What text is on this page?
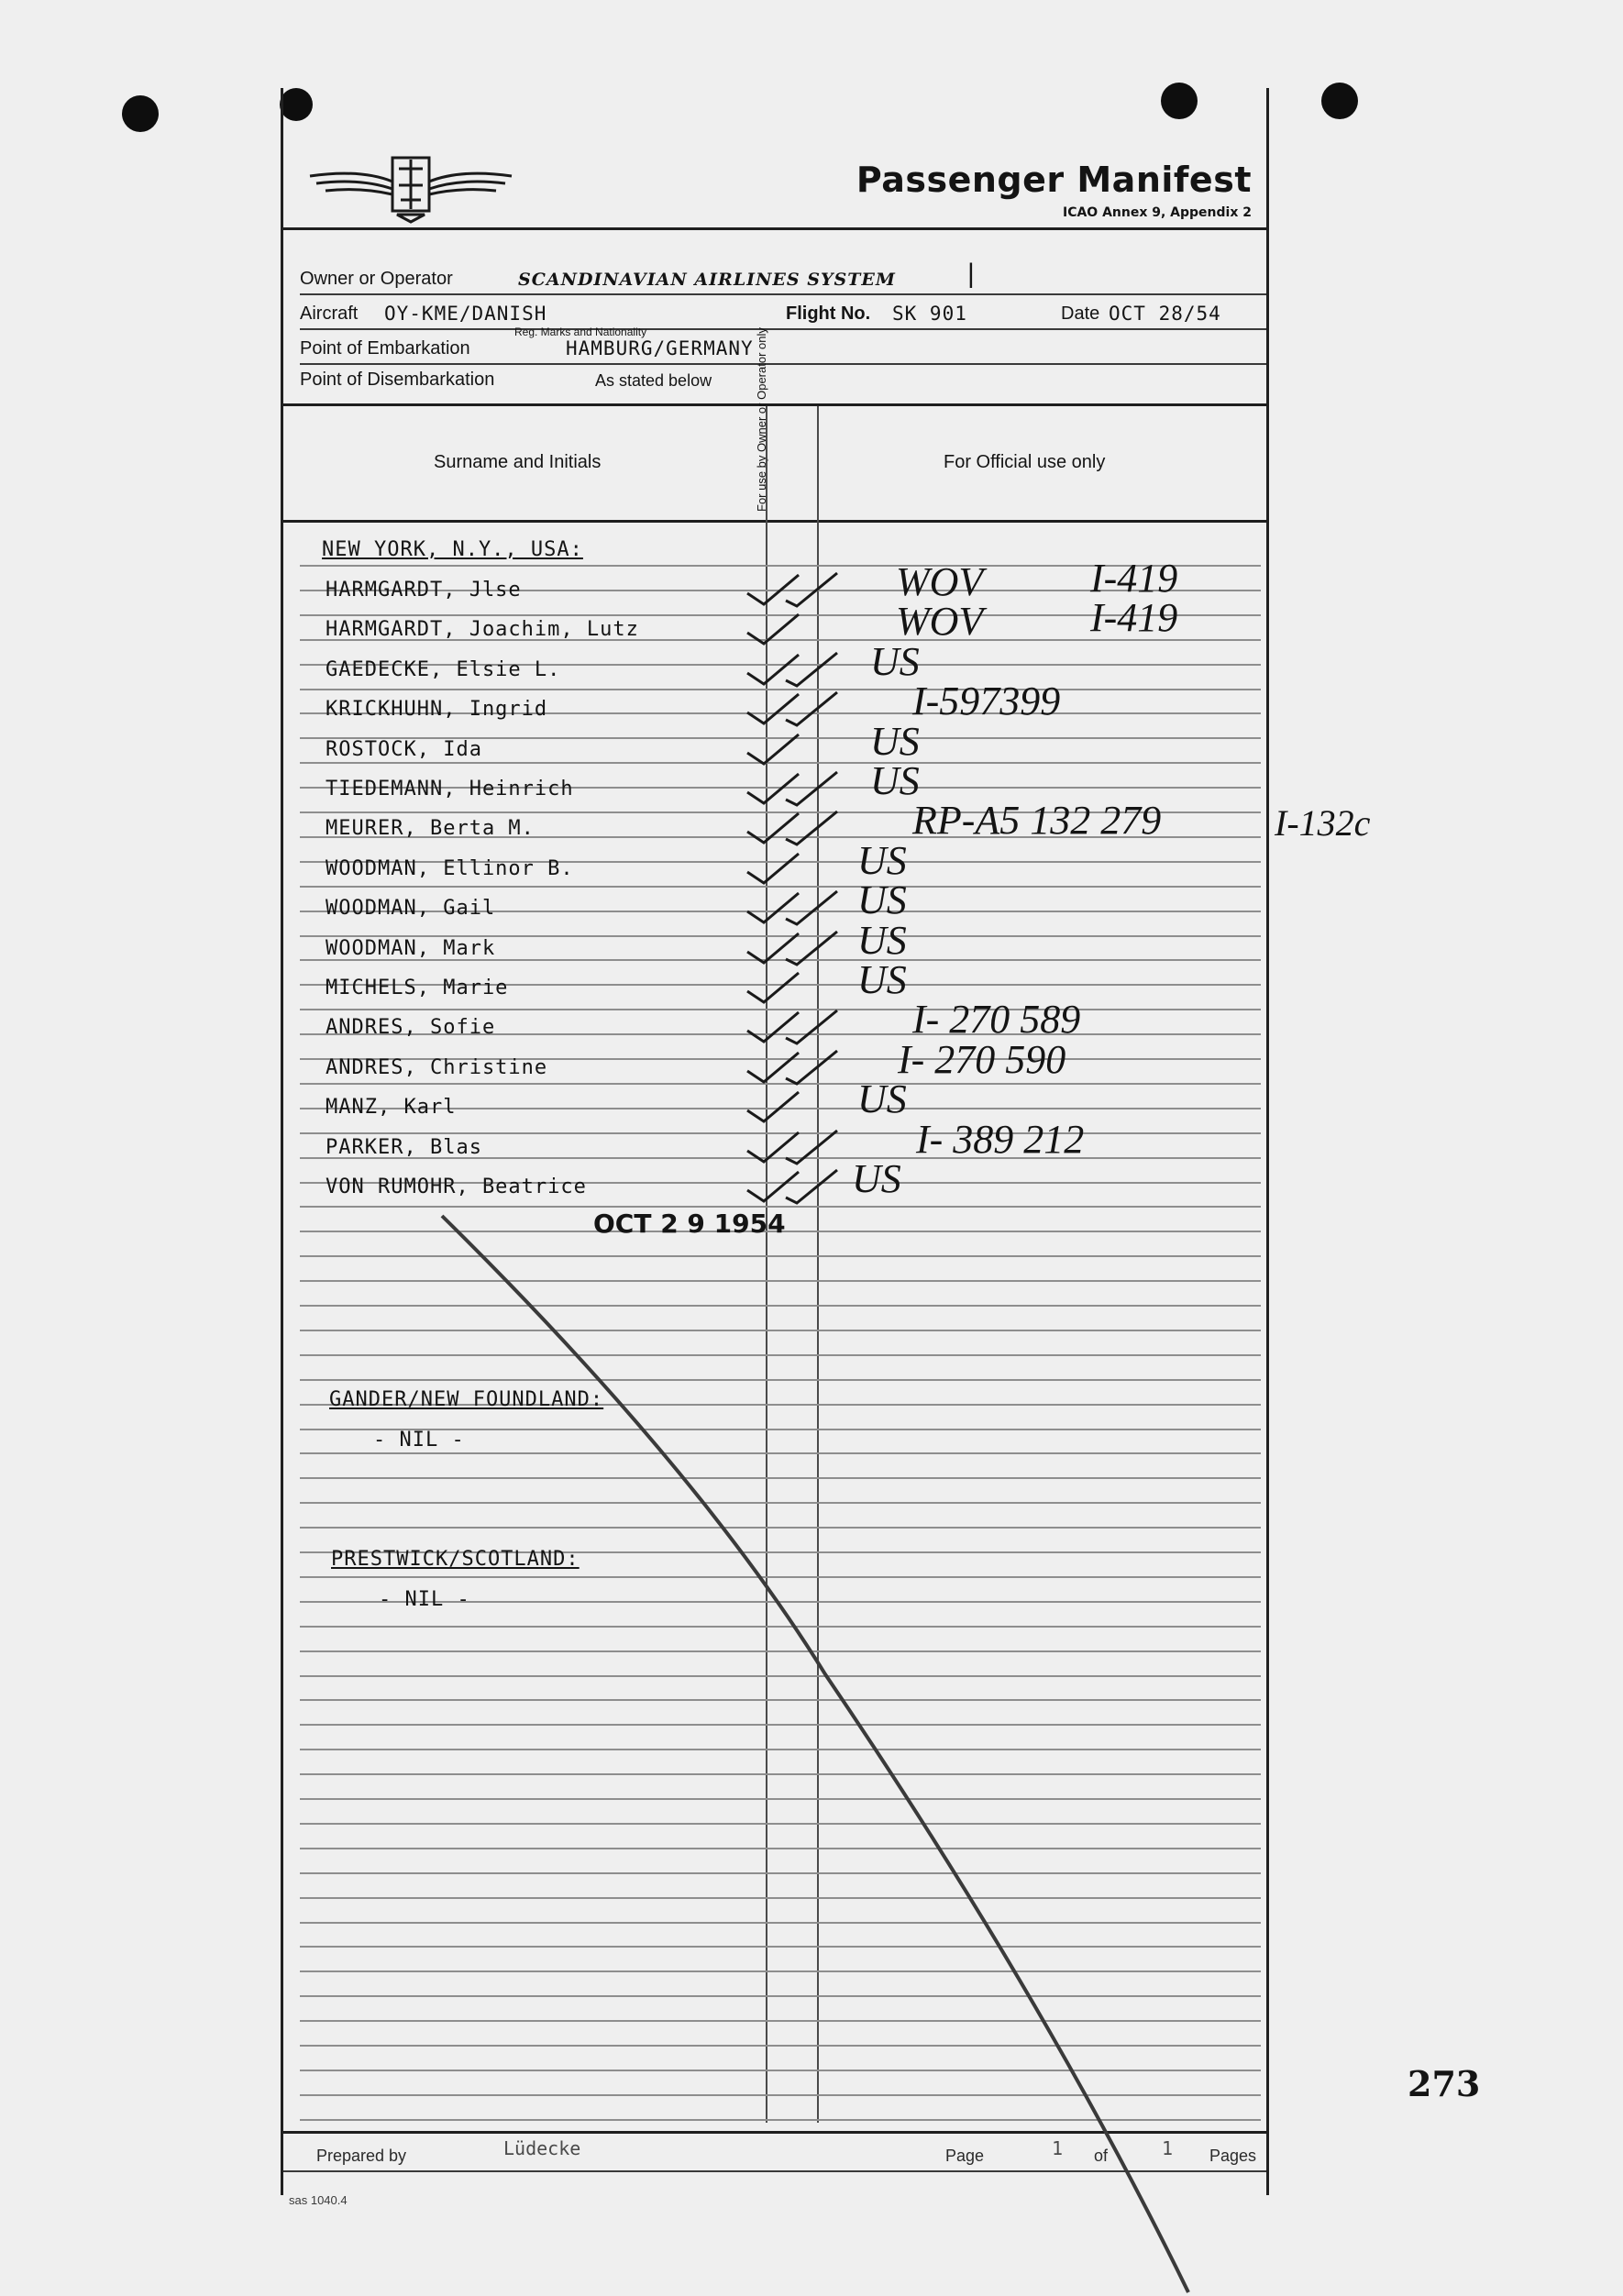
Passenger Manifest
ICAO Annex 9, Appendix 2
Owner or Operator	SCANDINAVIAN AIRLINES SYSTEM	|
Aircraft OY-KME/DANISH	Flight No. SK 901	Date OCT 28/54
Reg. Marks and Nationality
Point of Embarkation	HAMBURG/GERMANY
Point of Disembarkation	As stated below
Surname and Initials	For use by Owner or Operator only	For Official use only
NEW YORK, N.Y., USA:
HARMGARDT, Jlse	WOV	I-419
HARMGARDT, Joachim, Lutz	WOV	I-419
GAEDECKE, Elsie L.	US
KRICKHUHN, Ingrid	I-597399
ROSTOCK, Ida	US
TIEDEMANN, Heinrich	US
MEURER, Berta M.	RP-A5 132 279
WOODMAN, Ellinor B.	US
WOODMAN, Gail	US
WOODMAN, Mark	US
MICHELS, Marie	US
ANDRES, Sofie	I- 270 589
ANDRES, Christine	I- 270 590
MANZ, Karl	US
PARKER, Blas	I- 389 212
VON RUMOHR, Beatrice	US
OCT 2 9 1954
GANDER/NEW FOUNDLAND:
- NIL -
PRESTWICK/SCOTLAND:
- NIL -
Prepared by	Lüdecke	Page	1 of	1 Pages
sas 1040.4
I-132c
273
